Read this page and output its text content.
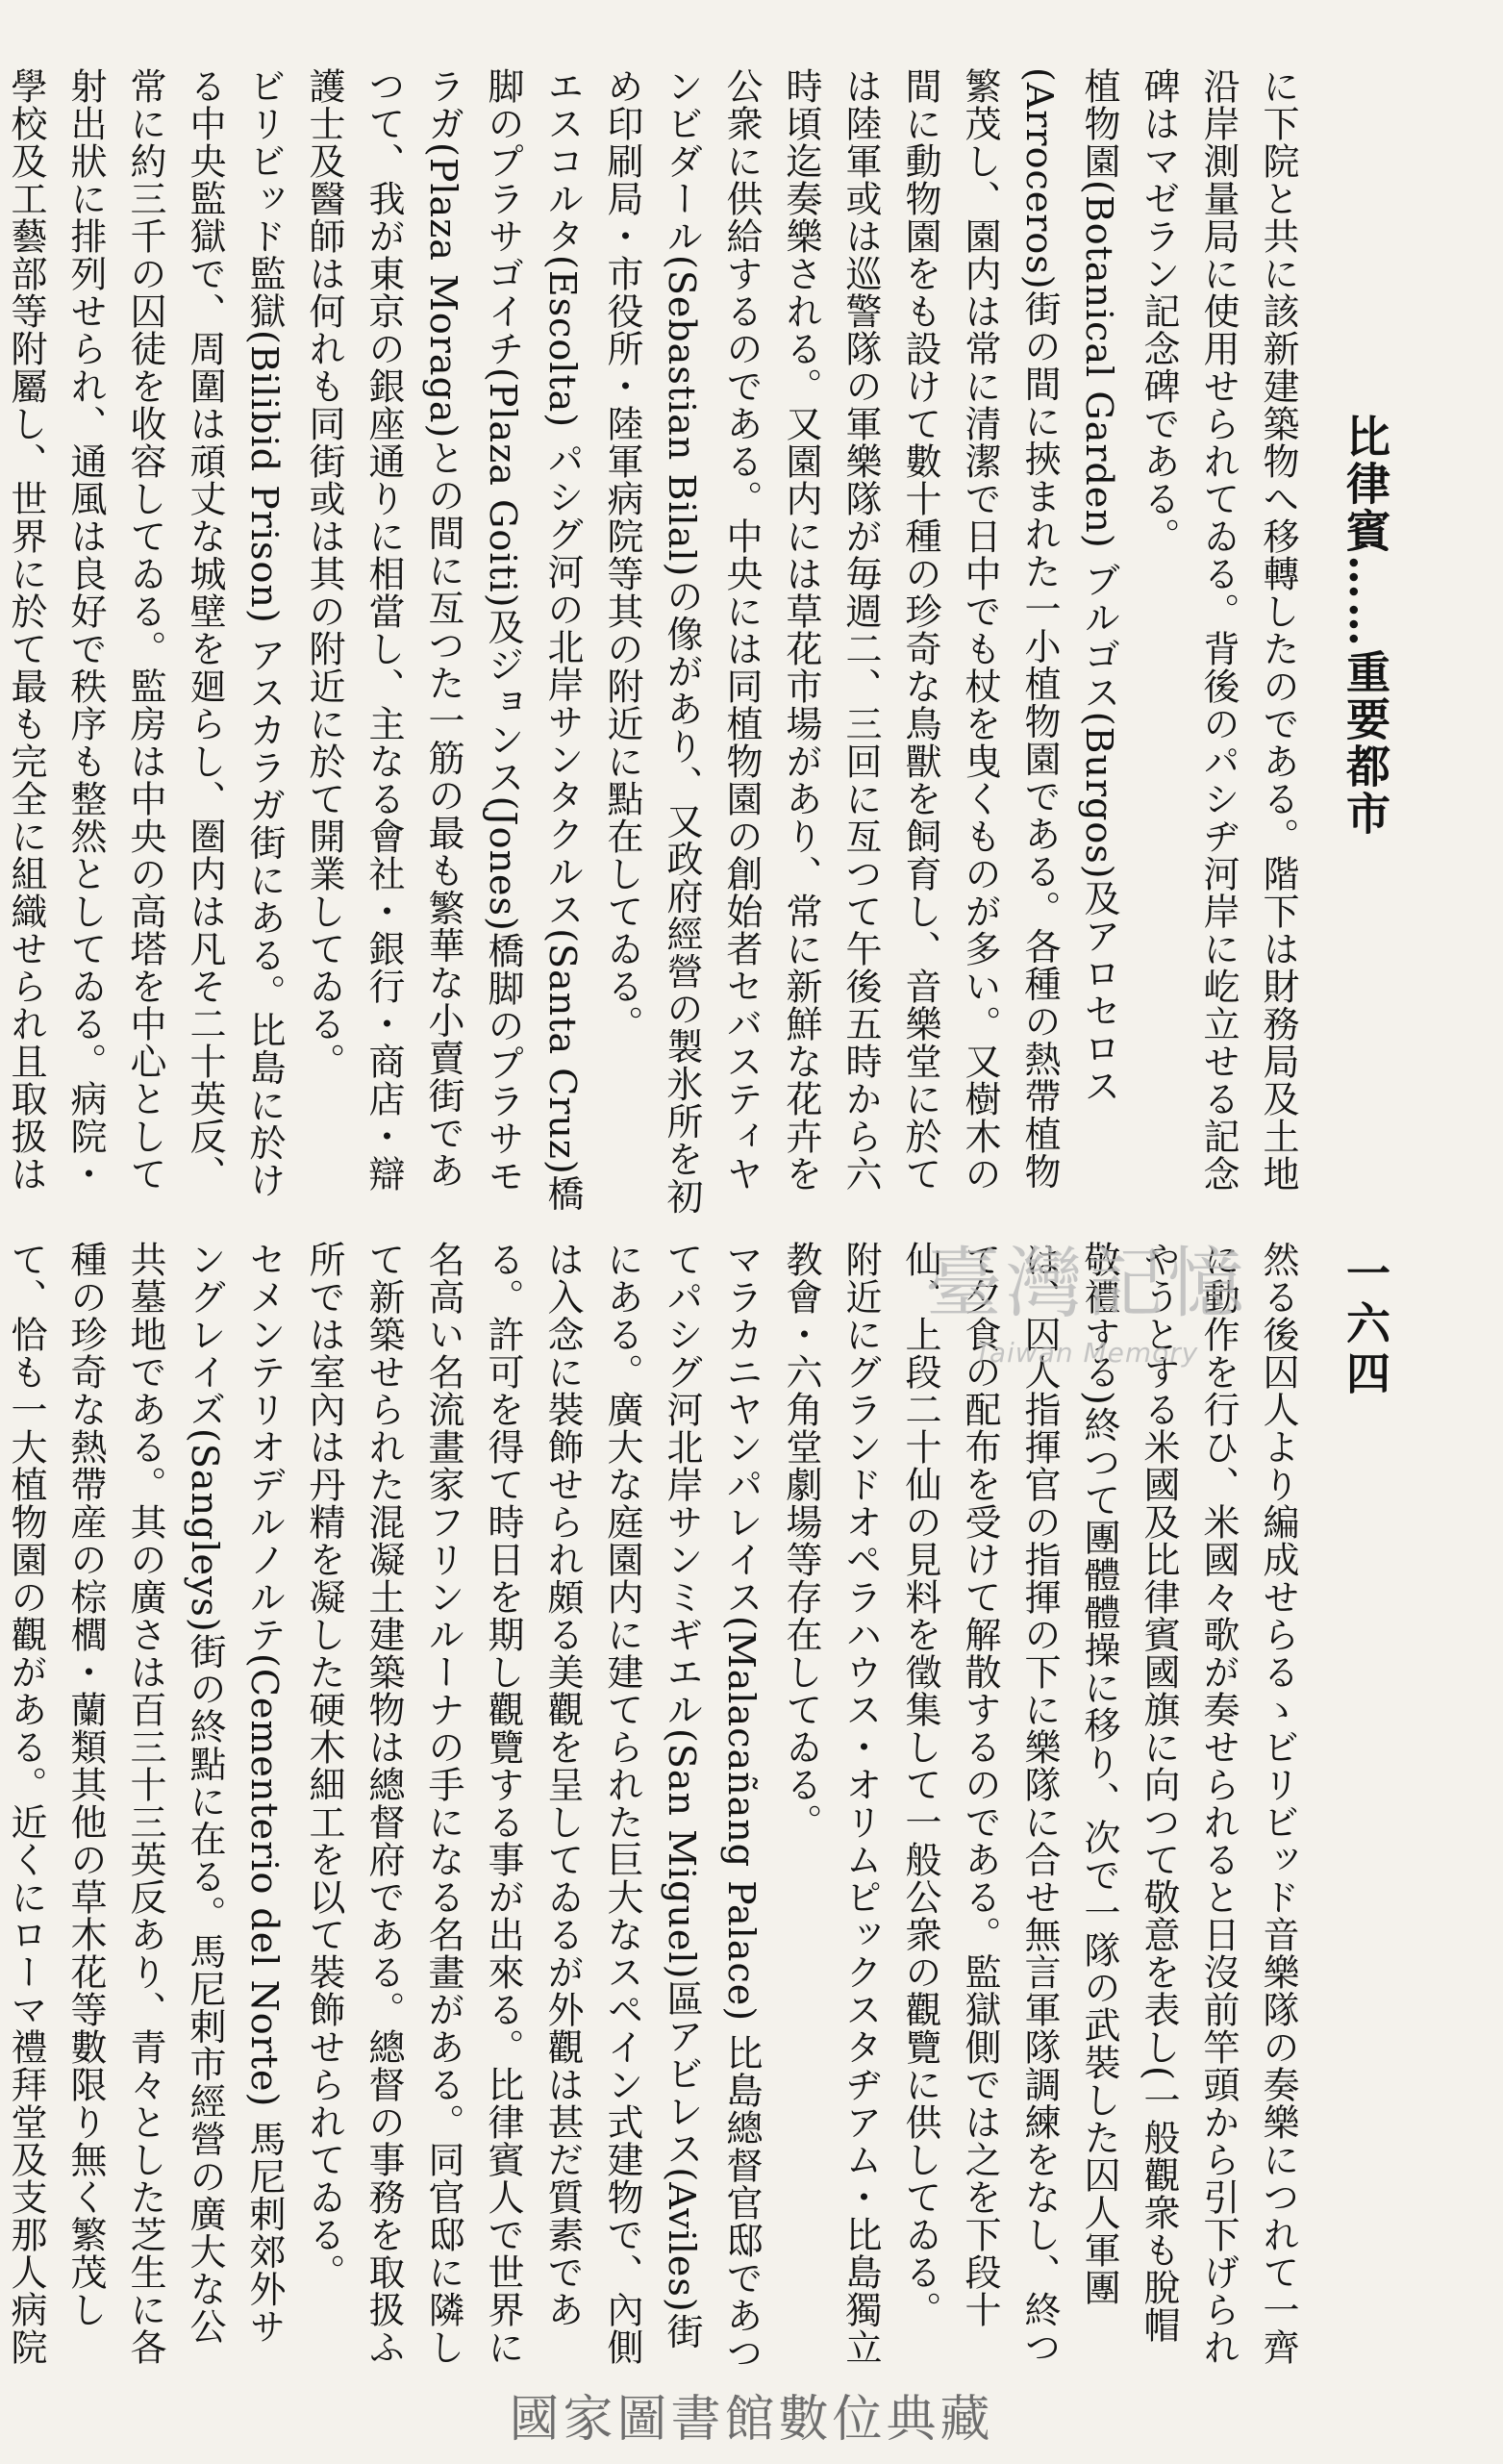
比律賓……重要都市
一六四

に下院と共に該新建築物へ移轉したのである。階下は財務局及土地沿岸測量局に使用せられてゐる。背後のパシヂ河岸に屹立せる記念碑はマゼラン記念碑である。

植物園(Botanical Garden) ブルゴス(Burgos)及アロセロス(Arroceros)街の間に挾まれた一小植物園である。各種の熱帶植物繁茂し、園内は常に清潔で日中でも杖を曳くものが多い。又樹木の間に動物園をも設けて數十種の珍奇な鳥獸を飼育し、音樂堂に於ては陸軍或は巡警隊の軍樂隊が毎週二、三回に亙つて午後五時から六時頃迄奏樂される。又園内には草花市場があり、常に新鮮な花卉を公衆に供給するのである。中央には同植物園の創始者セバスティヤンビダール(Sebastian Bilal)の像があり、又政府經營の製氷所を初め印刷局・市役所・陸軍病院等其の附近に點在してゐる。

エスコルタ(Escolta) パシグ河の北岸サンタクルス(Santa Cruz)橋脚のプラサゴイチ(Plaza Goiti)及ジョンス(Jones)橋脚のプラサモラガ(Plaza Moraga)との間に亙つた一筋の最も繁華な小賣街であつて、我が東京の銀座通りに相當し、主なる會社・銀行・商店・辯護士及醫師は何れも同街或は其の附近に於て開業してゐる。

ビリビッド監獄(Bilibid Prison) アスカラガ街にある。比島に於ける中央監獄で、周圍は頑丈な城壁を廻らし、圏内は凡そ二十英反、常に約三千の囚徒を收容してゐる。監房は中央の高塔を中心として射出狀に排列せられ、通風は良好で秩序も整然としてゐる。病院・學校及工藝部等附屬し、世界に於て最も完全に組織せられ且取扱は

然る後囚人より編成せらるゝビリビッド音樂隊の奏樂につれて一齊に動作を行ひ、米國々歌が奏せられると日沒前竿頭から引下げられやうとする米國及比律賓國旗に向つて敬意を表し(一般觀衆も脫帽敬禮する)終つて團體體操に移り、次で一隊の武裝した囚人軍團は、囚人指揮官の指揮の下に樂隊に合せ無言軍隊調練をなし、終つて夕食の配布を受けて解散するのである。監獄側では之を下段十仙、上段二十仙の見料を徵集して一般公衆の觀覽に供してゐる。

附近にグランドオペラハウス・オリムピックスタヂアム・比島獨立教會・六角堂劇場等存在してゐる。

マラカニヤンパレイス(Malacañang Palace) 比島總督官邸であつてパシグ河北岸サンミギエル(San Miguel)區アビレス(Aviles)街にある。廣大な庭園内に建てられた巨大なスペイン式建物で、內側は入念に裝飾せられ頗る美觀を呈してゐるが外觀は甚だ質素である。許可を得て時日を期し觀覽する事が出來る。比律賓人で世界に名高い名流畫家フリンルーナの手になる名畫がある。同官邸に隣して新築せられた混凝土建築物は總督府である。總督の事務を取扱ふ所では室內は丹精を凝した硬木細工を以て裝飾せられてゐる。

セメンテリオデルノルテ(Cementerio del Norte) 馬尼剌郊外サングレイズ(Sangleys)街の終點に在る。馬尼剌市經營の廣大な公共墓地である。其の廣さは百三十三英反あり、青々とした芝生に各種の珍奇な熱帶産の棕櫚・蘭類其他の草木花等數限り無く繁茂して、恰も一大植物園の觀がある。近くにローマ禮拜堂及支那人病院

臺灣記憶
Taiwan Memory
國家圖書館數位典藏
